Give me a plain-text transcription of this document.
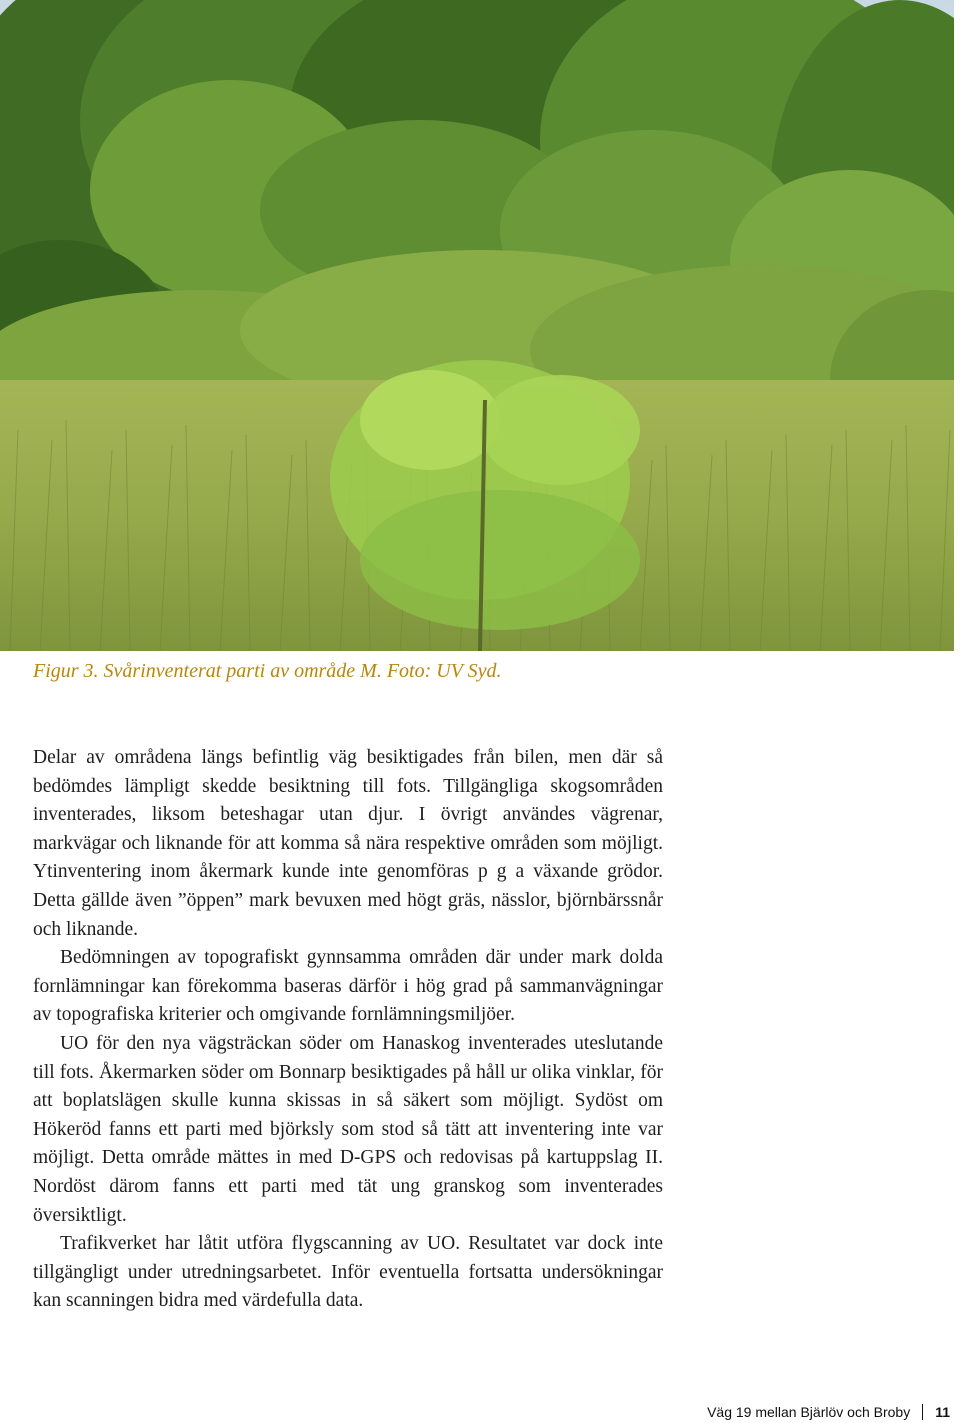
Figur 3. Svårinventerat parti av område M. Foto: UV Syd.

Delar av områdena längs befintlig väg besiktigades från bilen, men där så bedömdes lämpligt skedde besiktning till fots. Tillgängliga skogsområden inventerades, liksom beteshagar utan djur. I övrigt användes vägrenar, markvägar och liknande för att komma så nära respektive områden som möjligt. Ytinventering inom åkermark kunde inte genomföras p g a växande grödor. Detta gällde även ”öppen” mark bevuxen med högt gräs, nässlor, björnbärssnår och liknande.

Bedömningen av topografiskt gynnsamma områden där under mark dolda fornlämningar kan förekomma baseras därför i hög grad på sammanvägningar av topografiska kriterier och omgivande fornlämningsmiljöer.

UO för den nya vägsträckan söder om Hanaskog inventerades uteslutande till fots. Åkermarken söder om Bonnarp besiktigades på håll ur olika vinklar, för att boplatslägen skulle kunna skissas in så säkert som möjligt. Sydöst om Hökeröd fanns ett parti med björksly som stod så tätt att inventering inte var möjligt. Detta område mättes in med D-GPS och redovisas på kartuppslag II. Nordöst därom fanns ett parti med tät ung granskog som inventerades översiktligt.

Trafikverket har låtit utföra flygscanning av UO. Resultatet var dock inte tillgängligt under utredningsarbetet. Inför eventuella fortsatta undersökningar kan scanningen bidra med värdefulla data.

Väg 19 mellan Bjärlöv och Broby 11
